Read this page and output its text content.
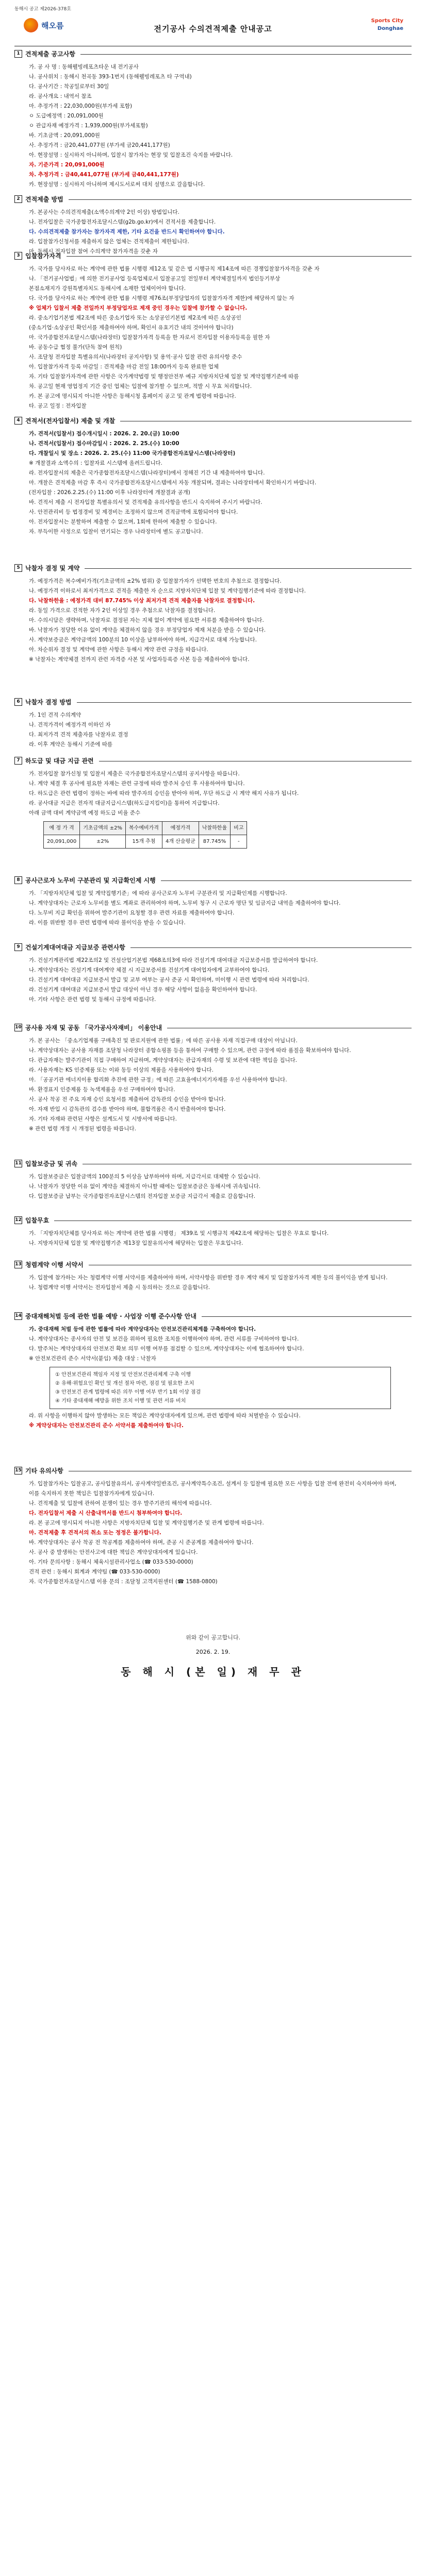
동해시 공고 제2026-378호
해오름	전기공사 수의견적제출 안내공고
Sports City
Donghae
1 견적제출 공고사항
가. 공 사 명 : 동해웰빙레포츠타운 내 전기공사
나. 공사위치 : 동해시 천곡동 393-1번지 (동해웰빙레포츠 타 구역내)
다. 공사기간 : 착공일로부터 30일
라. 공사개요 : 내역서 참조
마. 추정가격 : 22,030,000원(부가세 포함)
ㅇ 도급예정액 : 20,091,000원
ㅇ 관급자재 예정가격 : 1,939,000원(부가세포함)
바. 기초금액 : 20,091,000원
사. 추정가격 : 금20,441,077원 (부가세 금20,441,177원)
아. 현장설명 : 실시하지 아니하며, 입찰시 참가자는 현장 및 입찰조건 숙지를 바랍니다.
자. 기준가격 : 20,091,000원
차. 추정가격 : 금40,441,077원 (부가세 금40,441,177원)
카. 현장설명 : 실시하지 아니하며 제시도서로써 대치 설명으로 갈음합니다.
2 견적제출 방법
가. 본공사는 수의견적제출(소액수의계약 2인 이상) 방법입니다.
나. 전자입찰은 국가종합전자조달시스템(g2b.go.kr)에서 견적서를 제출합니다.
다. 수의견적제출 참가자는 참가자격 제한, 기타 요건을 반드시 확인하여야 합니다.
라. 입찰참가신청서를 제출하지 않은 업체는 견적제출이 제한됩니다.
마. 동해시 전자입찰 참여 수의계약 참가자격을 갖춘 자
3 입찰참가자격
가. 국가를 당사자로 하는 계약에 관한 법률 시행령 제12조 및 같은 법 시행규칙 제14조에 따른 경쟁입찰참가자격을 갖춘 자
나. 「전기공사업법」에 의한 전기공사업 등록업체로서 입찰공고일 전일부터 계약체결일까지 법인등기부상
본점소재지가 강원특별자치도 동해시에 소재한 업체이어야 합니다.
다. 국가를 당사자로 하는 계약에 관한 법률 시행령 제76조(부정당업자의 입찰참가자격 제한)에 해당하지 않는 자
※ 업체가 입찰서 제출 전일까지 부정당업자로 제재 중인 경우는 입찰에 참가할 수 없습니다.
라. 중소기업기본법 제2조에 따른 중소기업자 또는 소상공인기본법 제2조에 따른 소상공인
(중소기업·소상공인 확인서를 제출하여야 하며, 확인서 유효기간 내의 것이어야 합니다)
마. 국가종합전자조달시스템(나라장터) 입찰참가자격 등록을 한 자로서 전자입찰 이용자등록을 필한 자
바. 공동수급 협정 불가(단독 참여 원칙)
사. 조달청 전자입찰 특별유의서(나라장터 공지사항) 및 용역·공사 입찰 관련 유의사항 준수
아. 입찰참가자격 등록 마감일 : 견적제출 마감 전일 18:00까지 등록 완료한 업체
자. 기타 입찰참가자격에 관한 사항은 국가계약법령 및 행정안전부 예규 지방자치단체 입찰 및 계약집행기준에 따름
차. 공고일 현재 영업정지 기간 중인 업체는 입찰에 참가할 수 없으며, 적발 시 무효 처리합니다.
카. 본 공고에 명시되지 아니한 사항은 동해시청 홈페이지 공고 및 관계 법령에 따릅니다.
타. 공고 일정 : 전자입찰
4 견적서(전자입찰서) 제출 및 개찰
가. 견적서(입찰서) 접수개시일시 : 2026. 2. 20.(금) 10:00
나. 견적서(입찰서) 접수마감일시 : 2026. 2. 25.(수) 10:00
다. 개찰일시 및 장소 : 2026. 2. 25.(수) 11:00 국가종합전자조달시스템(나라장터)
※ 개찰결과 소액수의 : 입찰자료 시스템에 올려드립니다.
라. 전자입찰서의 제출은 국가종합전자조달시스템(나라장터)에서 정해진 기간 내 제출하여야 합니다.
마. 개찰은 견적제출 마감 후 즉시 국가종합전자조달시스템에서 자동 개찰되며, 결과는 나라장터에서 확인하시기 바랍니다.
(전자입찰 : 2026.2.25.(수) 11:00 이후 나라장터에 개찰결과 공개)
바. 견적서 제출 시 전자입찰 특별유의서 및 견적제출 유의사항을 반드시 숙지하여 주시기 바랍니다.
사. 안전관리비 등 법정경비 및 제경비는 조정하지 않으며 견적금액에 포함되어야 합니다.
아. 전자입찰서는 분할하여 제출할 수 없으며, 1회에 한하여 제출할 수 있습니다.
자. 부득이한 사정으로 입찰이 연기되는 경우 나라장터에 별도 공고합니다.
5 낙찰자 결정 및 계약
가. 예정가격은 복수예비가격(기초금액의 ±2% 범위) 중 입찰참가자가 선택한 번호의 추첨으로 결정합니다.
나. 예정가격 이하로서 최저가격으로 견적을 제출한 자 순으로 지방자치단체 입찰 및 계약집행기준에 따라 결정합니다.
다. 낙찰하한율 : 예정가격 대비 87.745% 이상 최저가격 견적 제출자를 낙찰자로 결정합니다.
라. 동일 가격으로 견적한 자가 2인 이상일 경우 추첨으로 낙찰자를 결정합니다.
마. 수의시담은 생략하며, 낙찰자로 결정된 자는 지체 없이 계약에 필요한 서류를 제출하여야 합니다.
바. 낙찰자가 정당한 이유 없이 계약을 체결하지 않을 경우 부정당업자 제재 처분을 받을 수 있습니다.
사. 계약보증금은 계약금액의 100분의 10 이상을 납부하여야 하며, 지급각서로 대체 가능합니다.
아. 차순위자 결정 및 계약에 관한 사항은 동해시 계약 관련 규정을 따릅니다.
※ 낙찰자는 계약체결 전까지 관련 자격증 사본 및 사업자등록증 사본 등을 제출하여야 합니다.
6 낙찰자 결정 방법
가. 1인 견적 수의계약
나. 견적가격이 예정가격 이하인 자
다. 최저가격 견적 제출자를 낙찰자로 결정
라. 이후 계약은 동해시 기준에 따름
7 하도급 및 대금 지급 관련
가. 전자입찰 참가신청 및 입찰서 제출은 국가종합전자조달시스템의 공지사항을 따릅니다.
나. 계약 체결 후 공사에 필요한 자재는 관련 규정에 따라 발주처 승인 후 사용하여야 합니다.
다. 하도급은 관련 법령이 정하는 바에 따라 발주자의 승인을 받아야 하며, 무단 하도급 시 계약 해지 사유가 됩니다.
라. 공사대금 지급은 전자적 대금지급시스템(하도급지킴이)을 통하여 지급합니다.
아래 금액 대비 계약금액 예정 하도급 비율 준수
예 정 가 격	기초금액의 ±2%	복수예비가격	예정가격	낙찰하한율	비고
20,091,000	±2%	15개 추첨	4개 산술평균	87.745%	-
8 공사근로자 노무비 구분관리 및 지급확인제 시행
가. 「지방자치단체 입찰 및 계약집행기준」에 따라 공사근로자 노무비 구분관리 및 지급확인제를 시행합니다.
나. 계약상대자는 근로자 노무비를 별도 계좌로 관리하여야 하며, 노무비 청구 시 근로자 명단 및 임금지급 내역을 제출하여야 합니다.
다. 노무비 지급 확인을 위하여 발주기관이 요청할 경우 관련 자료를 제출하여야 합니다.
라. 이를 위반할 경우 관련 법령에 따라 불이익을 받을 수 있습니다.
9 건설기계대여대금 지급보증 관련사항
가. 건설기계관리법 제22조의2 및 건설산업기본법 제68조의3에 따라 건설기계 대여대금 지급보증서를 발급하여야 합니다.
나. 계약상대자는 건설기계 대여계약 체결 시 지급보증서를 건설기계 대여업자에게 교부하여야 합니다.
다. 건설기계 대여대금 지급보증서 발급 및 교부 여부는 공사 준공 시 확인하며, 미이행 시 관련 법령에 따라 처리합니다.
라. 건설기계 대여대금 지급보증서 발급 대상이 아닌 경우 해당 사항이 없음을 확인하여야 합니다.
마. 기타 사항은 관련 법령 및 동해시 규정에 따릅니다.
10 공사용 자재 및 공동 「국가공사자재비」 이용안내
가. 본 공사는 「중소기업제품 구매촉진 및 판로지원에 관한 법률」에 따른 공사용 자재 직접구매 대상이 아닙니다.
나. 계약상대자는 공사용 자재를 조달청 나라장터 종합쇼핑몰 등을 통하여 구매할 수 있으며, 관련 규정에 따라 품질을 확보하여야 합니다.
다. 관급자재는 발주기관이 직접 구매하여 지급하며, 계약상대자는 관급자재의 수령 및 보관에 대한 책임을 집니다.
라. 사용자재는 KS 인증제품 또는 이와 동등 이상의 제품을 사용하여야 합니다.
마. 「공공기관 에너지이용 합리화 추진에 관한 규정」에 따른 고효율에너지기자재를 우선 사용하여야 합니다.
바. 환경표지 인증제품 등 녹색제품을 우선 구매하여야 합니다.
사. 공사 착공 전 주요 자재 승인 요청서를 제출하여 감독관의 승인을 받아야 합니다.
아. 자재 반입 시 감독관의 검수를 받아야 하며, 불합격품은 즉시 반출하여야 합니다.
자. 기타 자재와 관련된 사항은 설계도서 및 시방서에 따릅니다.
※ 관련 법령 개정 시 개정된 법령을 따릅니다.
11 입찰보증금 및 귀속
가. 입찰보증금은 입찰금액의 100분의 5 이상을 납부하여야 하며, 지급각서로 대체할 수 있습니다.
나. 낙찰자가 정당한 이유 없이 계약을 체결하지 아니할 때에는 입찰보증금은 동해시에 귀속됩니다.
다. 입찰보증금 납부는 국가종합전자조달시스템의 전자입찰 보증금 지급각서 제출로 갈음합니다.
12 입찰무효
가. 「지방자치단체를 당사자로 하는 계약에 관한 법률 시행령」 제39조 및 시행규칙 제42조에 해당하는 입찰은 무효로 합니다.
나. 지방자치단체 입찰 및 계약집행기준 제13장 입찰유의서에 해당하는 입찰은 무효입니다.
13 청렴계약 이행 서약서
가. 입찰에 참가하는 자는 청렴계약 이행 서약서를 제출하여야 하며, 서약사항을 위반할 경우 계약 해지 및 입찰참가자격 제한 등의 불이익을 받게 됩니다.
나. 청렴계약 이행 서약서는 전자입찰서 제출 시 동의하는 것으로 갈음합니다.
14 중대재해처벌 등에 관한 법률 예방 · 사업장 이행 준수사항 안내
가. 중대재해 처벌 등에 관한 법률에 따라 계약상대자는 안전보건관리체계를 구축하여야 합니다.
나. 계약상대자는 종사자의 안전 및 보건을 위하여 필요한 조치를 이행하여야 하며, 관련 서류를 구비하여야 합니다.
다. 발주처는 계약상대자의 안전보건 확보 의무 이행 여부를 점검할 수 있으며, 계약상대자는 이에 협조하여야 합니다.
※ 안전보건관리 준수 서약서(붙임) 제출 대상 : 낙찰자
① 안전보건관리 책임자 지정 및 안전보건관리체계 구축 이행
② 유해·위험요인 확인 및 개선 절차 마련, 점검 및 필요한 조치
③ 안전보건 관계 법령에 따른 의무 이행 여부 반기 1회 이상 점검
④ 기타 중대재해 예방을 위한 조치 이행 및 관련 서류 비치
라. 위 사항을 이행하지 않아 발생하는 모든 책임은 계약상대자에게 있으며, 관련 법령에 따라 처벌받을 수 있습니다.
※ 계약상대자는 안전보건관리 준수 서약서를 제출하여야 합니다.
15 기타 유의사항
가. 입찰참가자는 입찰공고, 공사입찰유의서, 공사계약일반조건, 공사계약특수조건, 설계서 등 입찰에 필요한 모든 사항을 입찰 전에 완전히 숙지하여야 하며,
이를 숙지하지 못한 책임은 입찰참가자에게 있습니다.
나. 견적제출 및 입찰에 관하여 분쟁이 있는 경우 발주기관의 해석에 따릅니다.
다. 전자입찰서 제출 시 산출내역서를 반드시 첨부하여야 합니다.
라. 본 공고에 명시되지 아니한 사항은 지방자치단체 입찰 및 계약집행기준 및 관계 법령에 따릅니다.
마. 견적제출 후 견적서의 취소 또는 정정은 불가합니다.
바. 계약상대자는 공사 착공 전 착공계를 제출하여야 하며, 준공 시 준공계를 제출하여야 합니다.
사. 공사 중 발생하는 안전사고에 대한 책임은 계약상대자에게 있습니다.
아. 기타 문의사항 : 동해시 체육시설관리사업소 (☎ 033-530-0000)
견적 관련 : 동해시 회계과 계약팀 (☎ 033-530-0000)
자. 국가종합전자조달시스템 이용 문의 : 조달청 고객지원센터 (☎ 1588-0800)
위와 같이 공고합니다.
2026. 2. 19.
동 해 시 (본 일) 재 무 관
